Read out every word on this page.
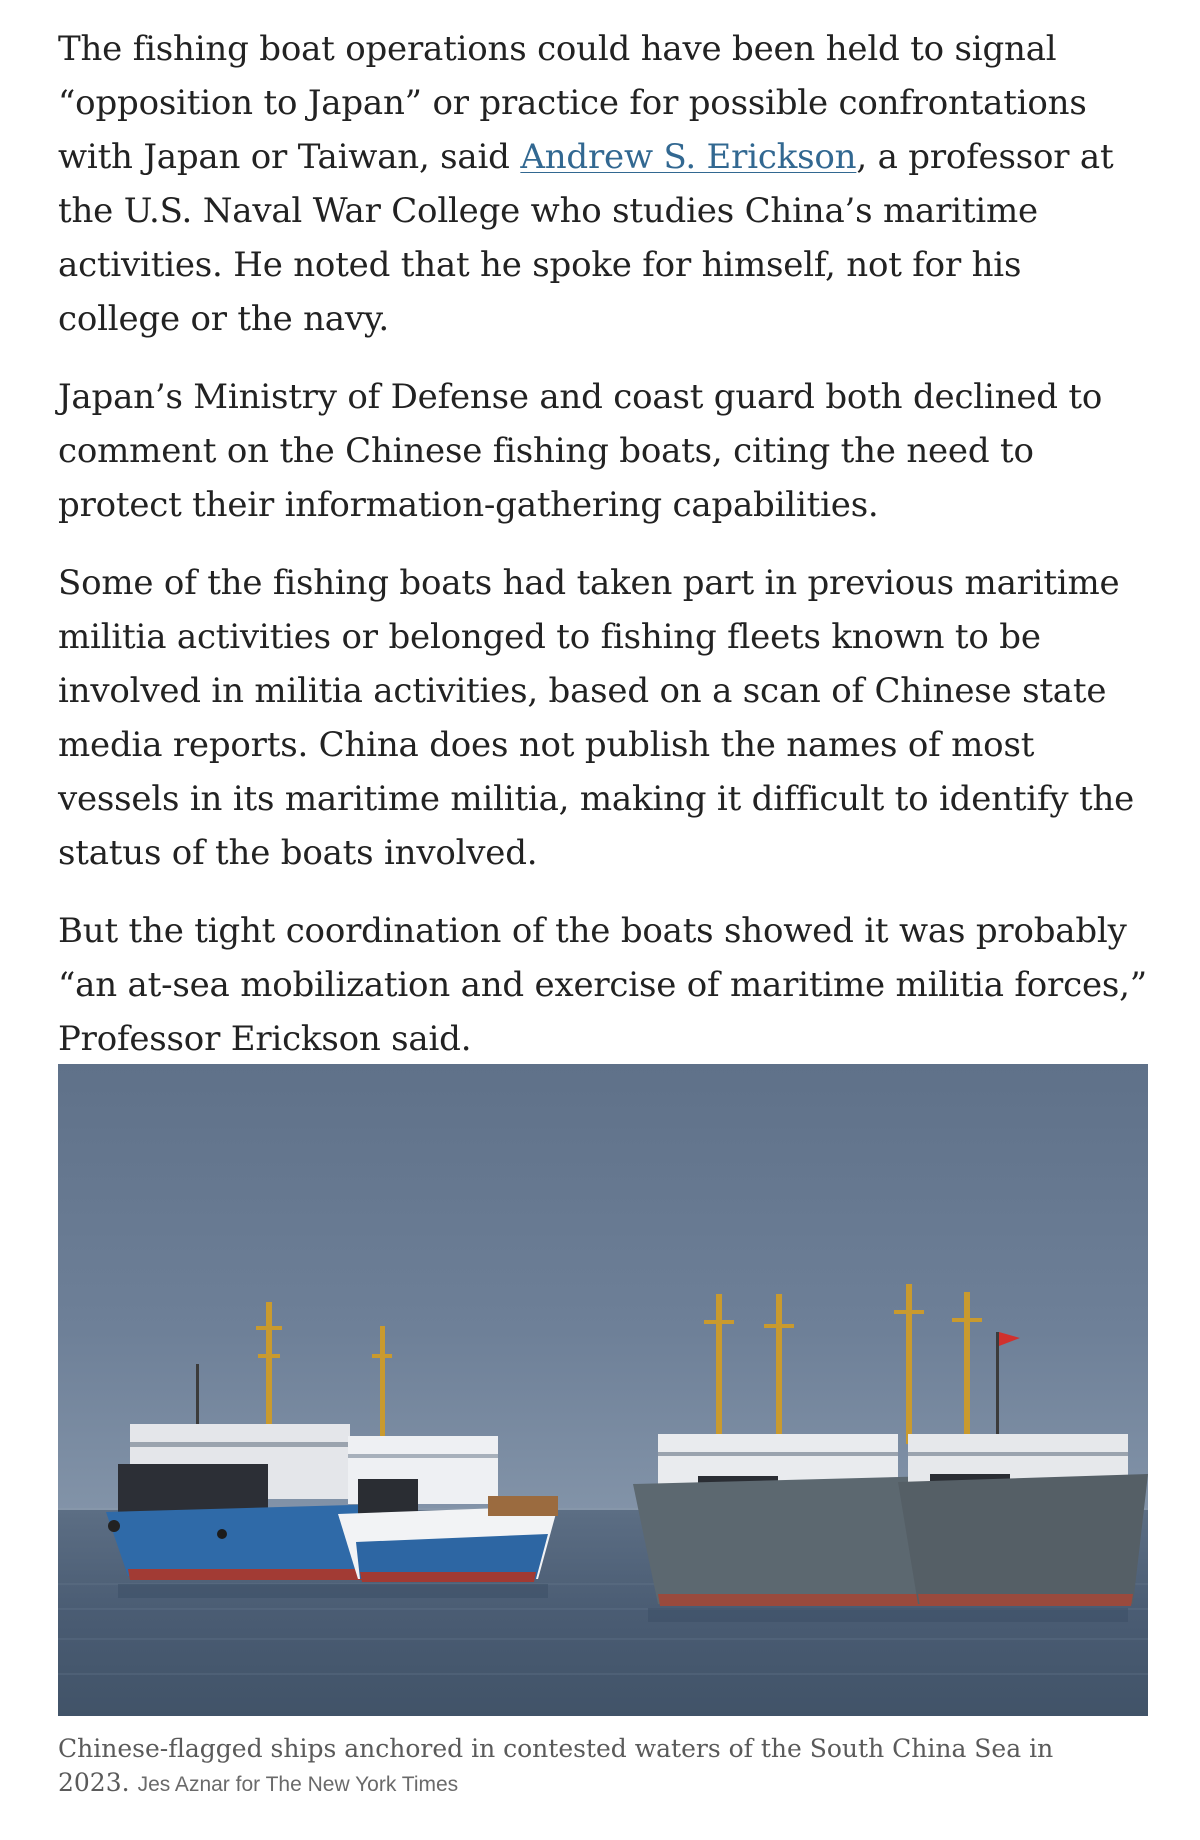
The fishing boat operations could have been held to signal “opposition to Japan” or practice for possible confrontations with Japan or Taiwan, said Andrew S. Erickson, a professor at the U.S. Naval War College who studies China’s maritime activities. He noted that he spoke for himself, not for his college or the navy.

Japan’s Ministry of Defense and coast guard both declined to comment on the Chinese fishing boats, citing the need to protect their information-gathering capabilities.

Some of the fishing boats had taken part in previous maritime militia activities or belonged to fishing fleets known to be involved in militia activities, based on a scan of Chinese state media reports. China does not publish the names of most vessels in its maritime militia, making it difficult to identify the status of the boats involved.

But the tight coordination of the boats showed it was probably “an at-sea mobilization and exercise of maritime militia forces,” Professor Erickson said.

Chinese-flagged ships anchored in contested waters of the South China Sea in 2023. Jes Aznar for The New York Times
